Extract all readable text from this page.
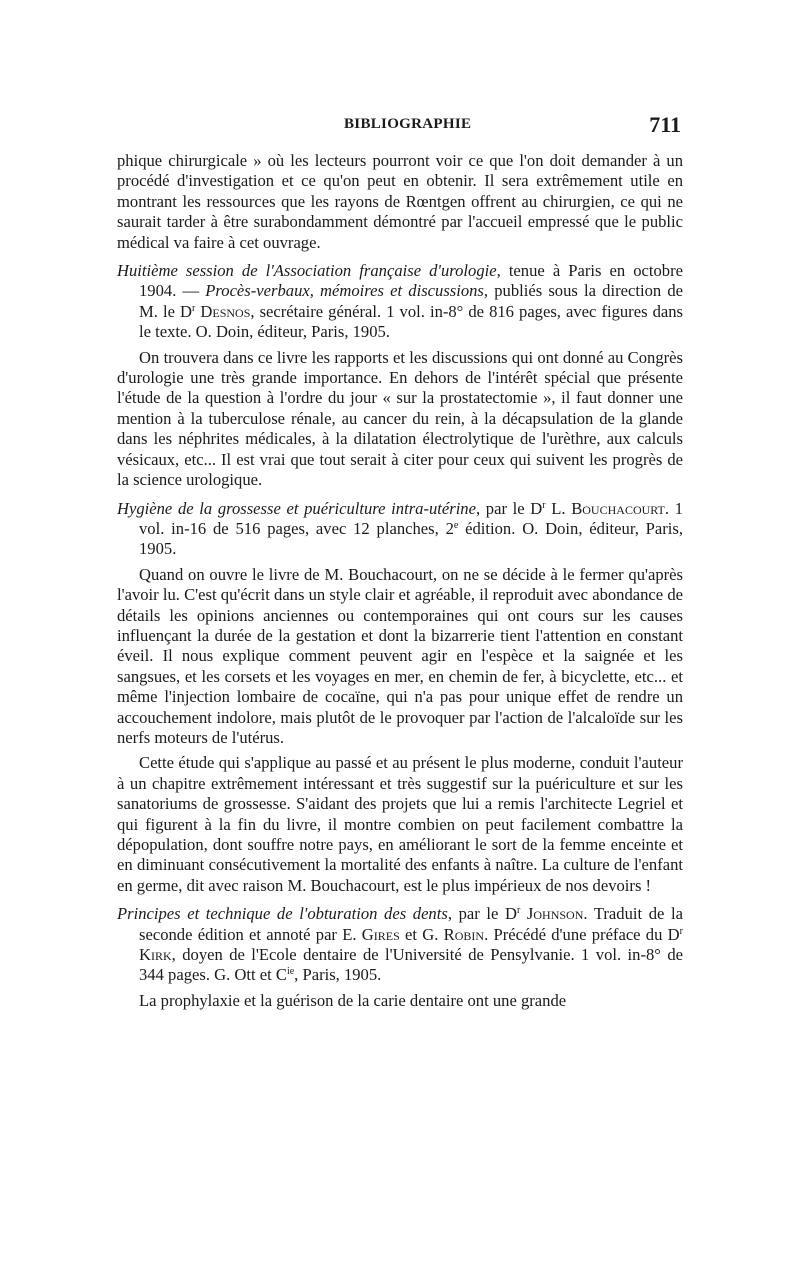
BIBLIOGRAPHIE	711

phique chirurgicale » où les lecteurs pourront voir ce que l'on doit demander à un procédé d'investigation et ce qu'on peut en obtenir. Il sera extrêmement utile en montrant les ressources que les rayons de Rœntgen offrent au chirurgien, ce qui ne saurait tarder à être surabondamment démontré par l'accueil empressé que le public médical va faire à cet ouvrage.

Huitième session de l'Association française d'urologie, tenue à Paris en octobre 1904. — Procès-verbaux, mémoires et discussions, publiés sous la direction de M. le $D^r$ Desnos, secrétaire général. 1 vol. in-8° de 816 pages, avec figures dans le texte. O. Doin, éditeur, Paris, 1905.

On trouvera dans ce livre les rapports et les discussions qui ont donné au Congrès d'urologie une très grande importance. En dehors de l'intérêt spécial que présente l'étude de la question à l'ordre du jour « sur la prostatectomie », il faut donner une mention à la tuberculose rénale, au cancer du rein, à la décapsulation de la glande dans les néphrites médicales, à la dilatation électrolytique de l'urèthre, aux calculs vésicaux, etc... Il est vrai que tout serait à citer pour ceux qui suivent les progrès de la science urologique.

Hygiène de la grossesse et puériculture intra-utérine, par le $D^r$ L. Bouchacourt. 1 vol. in-16 de 516 pages, avec 12 planches, 2e édition. O. Doin, éditeur, Paris, 1905.

Quand on ouvre le livre de M. Bouchacourt, on ne se décide à le fermer qu'après l'avoir lu. C'est qu'écrit dans un style clair et agréable, il reproduit avec abondance de détails les opinions anciennes ou contemporaines qui ont cours sur les causes influençant la durée de la gestation et dont la bizarrerie tient l'attention en constant éveil. Il nous explique comment peuvent agir en l'espèce et la saignée et les sangsues, et les corsets et les voyages en mer, en chemin de fer, à bicyclette, etc... et même l'injection lombaire de cocaïne, qui n'a pas pour unique effet de rendre un accouchement indolore, mais plutôt de le provoquer par l'action de l'alcaloïde sur les nerfs moteurs de l'utérus.

Cette étude qui s'applique au passé et au présent le plus moderne, conduit l'auteur à un chapitre extrêmement intéressant et très suggestif sur la puériculture et sur les sanatoriums de grossesse. S'aidant des projets que lui a remis l'architecte Legriel et qui figurent à la fin du livre, il montre combien on peut facilement combattre la dépopulation, dont souffre notre pays, en améliorant le sort de la femme enceinte et en diminuant consécutivement la mortalité des enfants à naître. La culture de l'enfant en germe, dit avec raison M. Bouchacourt, est le plus impérieux de nos devoirs !

Principes et technique de l'obturation des dents, par le $D^r$ Johnson. Traduit de la seconde édition et annoté par E. Gires et G. Robin. Précédé d'une préface du $D^r$ Kirk, doyen de l'Ecole dentaire de l'Université de Pensylvanie. 1 vol. in-8° de 344 pages. G. Ott et $C^{ie}$, Paris, 1905.

La prophylaxie et la guérison de la carie dentaire ont une grande
